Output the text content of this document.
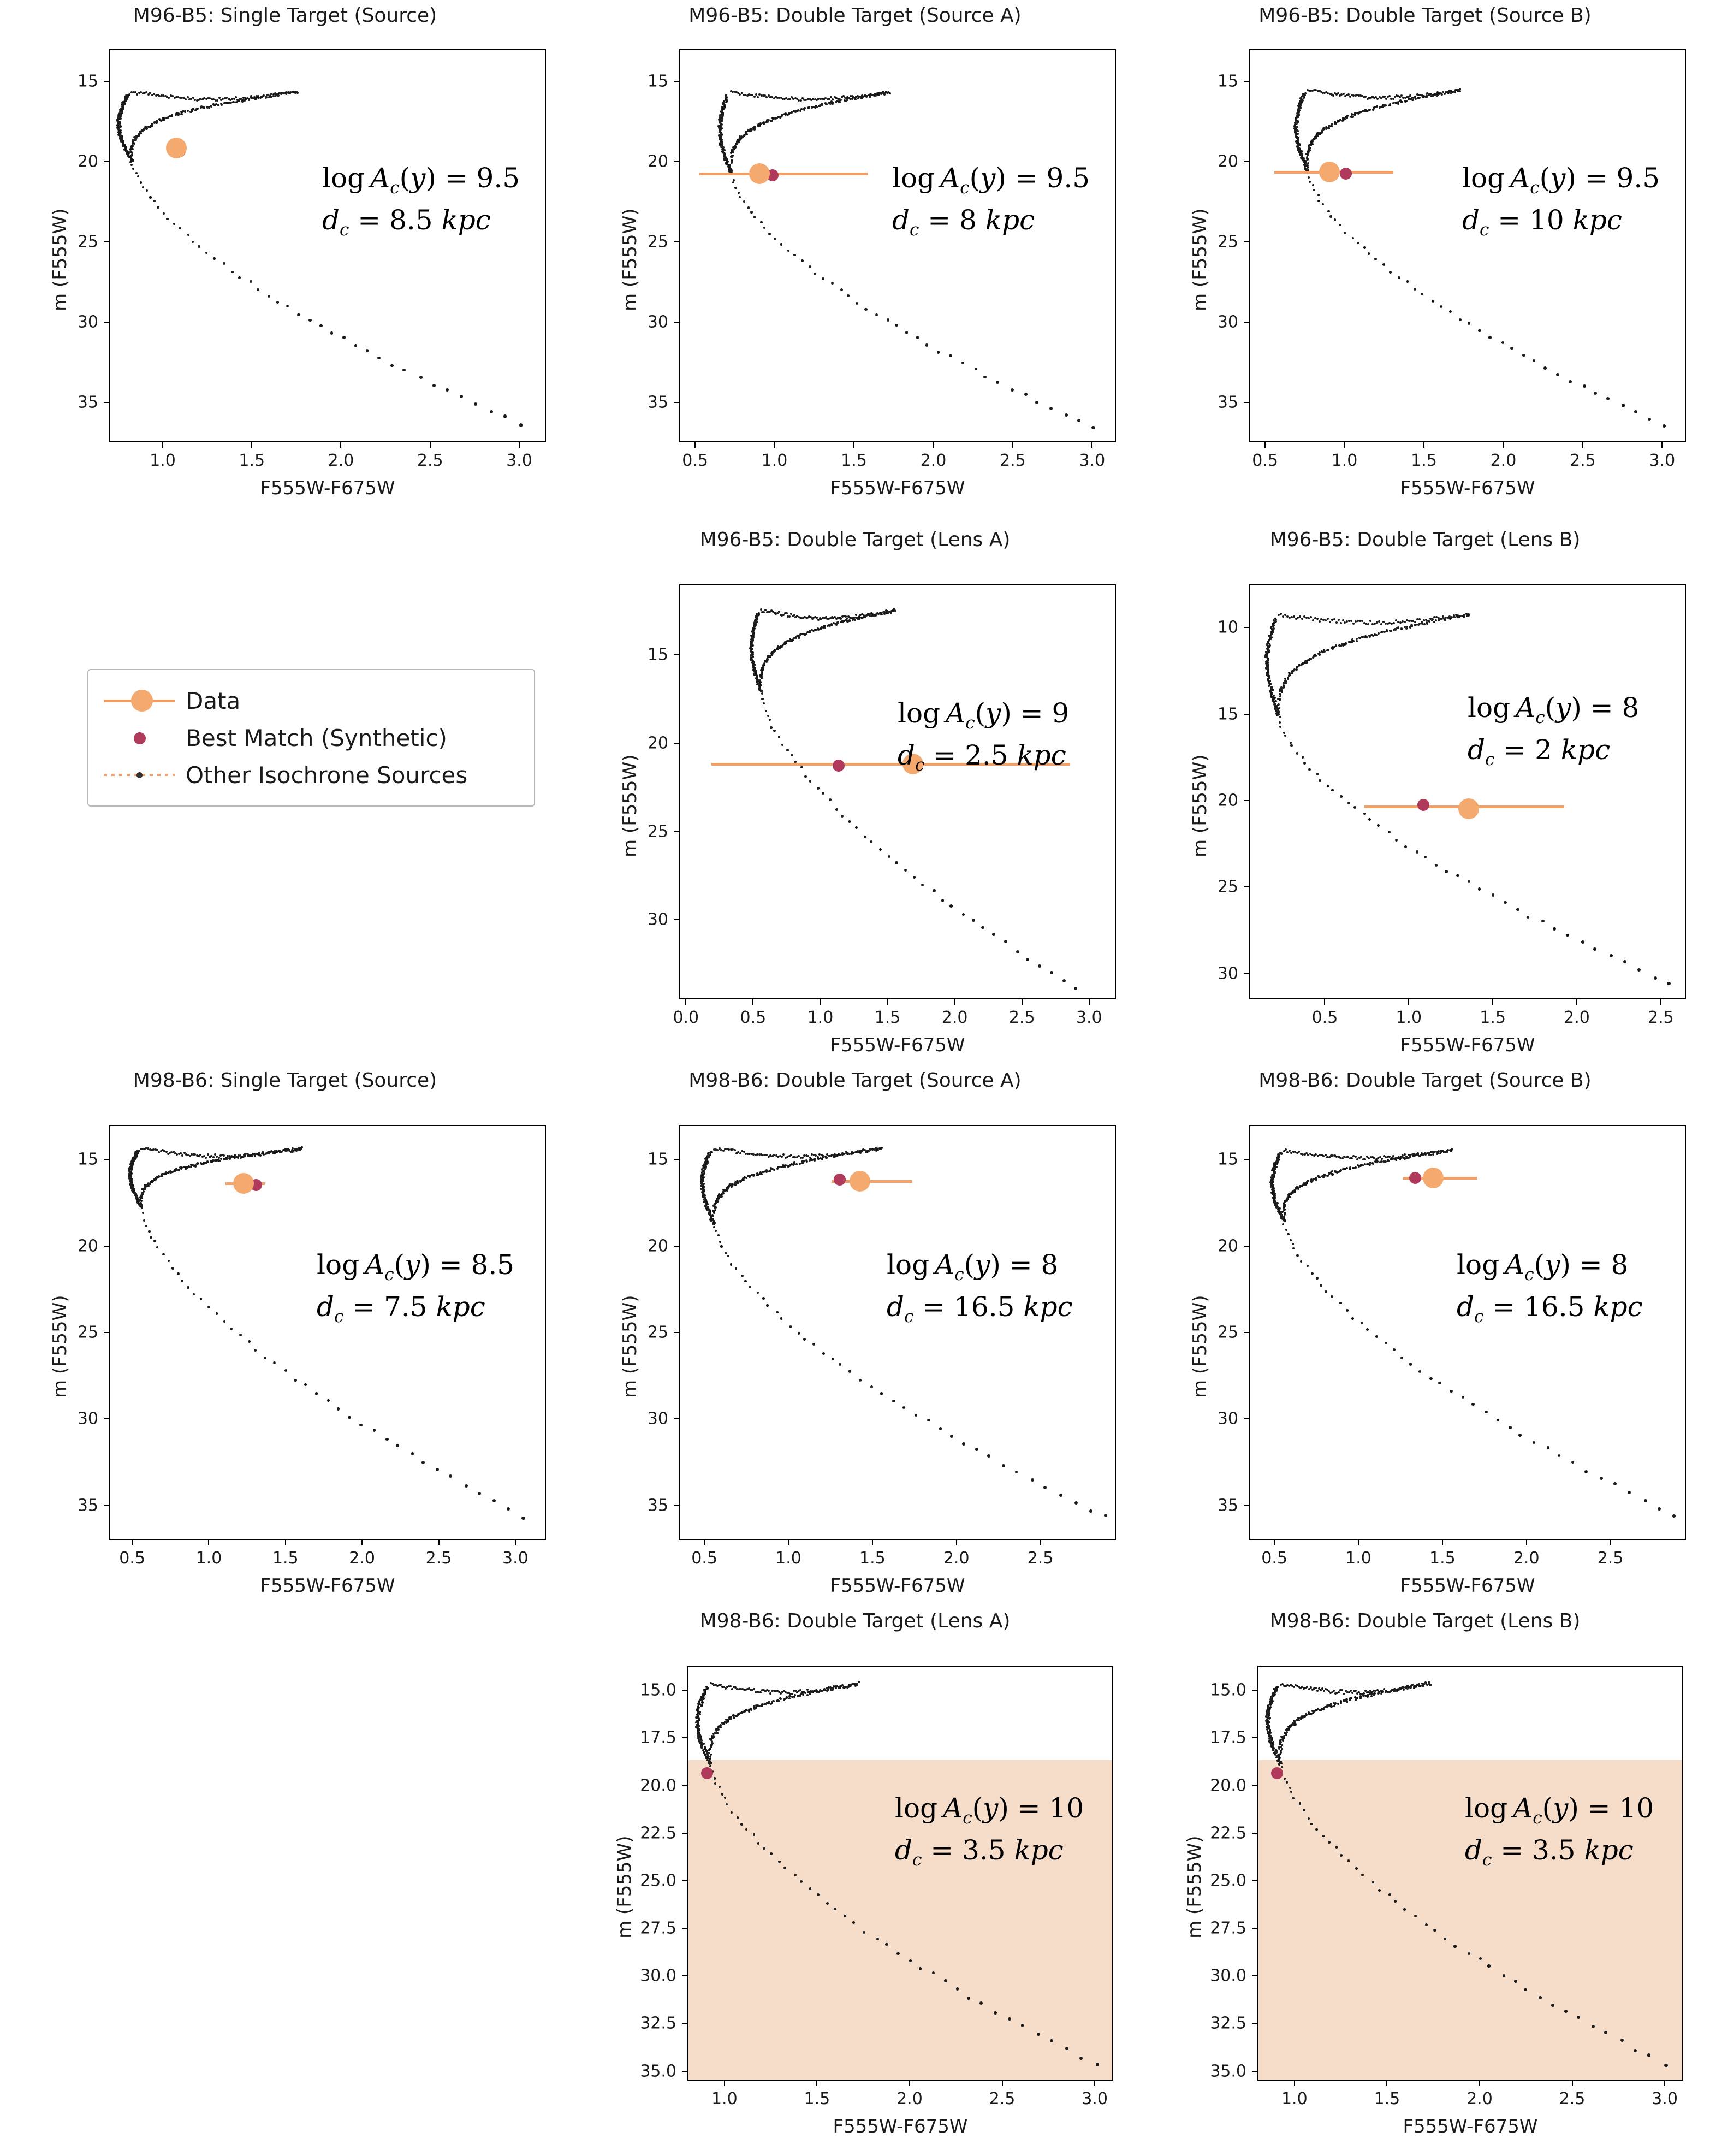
M96-B5: Single Target (Source)
1.0	1.5	2.0	2.5	3.0
15
20
25
30
35
F555W-F675W
m (F555W)
$\log A_c(y) = 9.5$
$d_c = 8.5$ kpc
M96-B5: Double Target (Source A)
0.5	1.0	1.5	2.0	2.5	3.0
15
20
25
30
35
F555W-F675W
m (F555W)
$\log A_c(y) = 9.5$
$d_c = 8$ kpc
M96-B5: Double Target (Source B)
0.5	1.0	1.5	2.0	2.5	3.0
15
20
25
30
35
F555W-F675W
m (F555W)
$\log A_c(y) = 9.5$
$d_c = 10$ kpc
Data
Best Match (Synthetic)
Other Isochrone Sources
M96-B5: Double Target (Lens A)
0.0	0.5	1.0	1.5	2.0	2.5	3.0
15
20
25
30
F555W-F675W
m (F555W)
$\log A_c(y) = 9$
$d_c = 2.5$ kpc
M96-B5: Double Target (Lens B)
0.5	1.0	1.5	2.0	2.5
10
15
20
25
30
F555W-F675W
m (F555W)
$\log A_c(y) = 8$
$d_c = 2$ kpc
M98-B6: Single Target (Source)
0.5	1.0	1.5	2.0	2.5	3.0
15
20
25
30
35
F555W-F675W
m (F555W)
$\log A_c(y) = 8.5$
$d_c = 7.5$ kpc
M98-B6: Double Target (Source A)
0.5	1.0	1.5	2.0	2.5
15
20
25
30
35
F555W-F675W
m (F555W)
$\log A_c(y) = 8$
$d_c = 16.5$ kpc
M98-B6: Double Target (Source B)
0.5	1.0	1.5	2.0	2.5
15
20
25
30
35
F555W-F675W
m (F555W)
$\log A_c(y) = 8$
$d_c = 16.5$ kpc
M98-B6: Double Target (Lens A)
1.0	1.5	2.0	2.5	3.0
15.0
17.5
20.0
22.5
25.0
27.5
30.0
32.5
35.0
F555W-F675W
m (F555W)
$\log A_c(y) = 10$
$d_c = 3.5$ kpc
M98-B6: Double Target (Lens B)
1.0	1.5	2.0	2.5	3.0
15.0
17.5
20.0
22.5
25.0
27.5
30.0
32.5
35.0
F555W-F675W
m (F555W)
$\log A_c(y) = 10$
$d_c = 3.5$ kpc
